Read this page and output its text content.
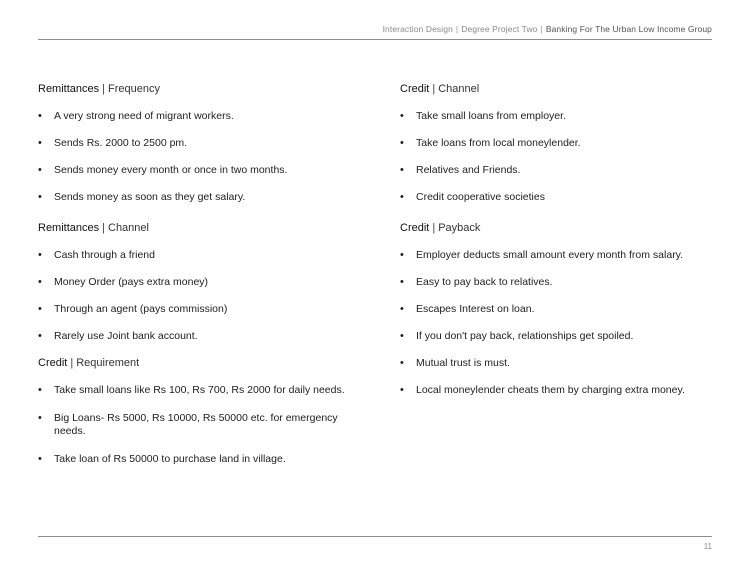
Interaction Design | Degree Project Two | Banking For The Urban Low Income Group
Remittances | Frequency
• A very strong need of migrant workers.
• Sends Rs. 2000 to 2500 pm.
• Sends money every month or once in two months.
• Sends money as soon as they get salary.
Remittances | Channel
• Cash through a friend
• Money Order (pays extra money)
• Through an agent (pays commission)
• Rarely use Joint bank account.
Credit | Requirement
• Take small loans like Rs 100, Rs 700, Rs 2000 for daily needs.
• Big Loans- Rs 5000, Rs 10000, Rs 50000 etc. for emergency needs.
• Take loan of Rs 50000 to purchase land in village.
Credit | Channel
• Take small loans from employer.
• Take loans from local moneylender.
• Relatives and Friends.
• Credit cooperative societies
Credit | Payback
• Employer deducts small amount every month from salary.
• Easy to pay back to relatives.
• Escapes Interest on loan.
• If you don't pay back, relationships get spoiled.
• Mutual trust is must.
• Local moneylender cheats them by charging extra money.
11
